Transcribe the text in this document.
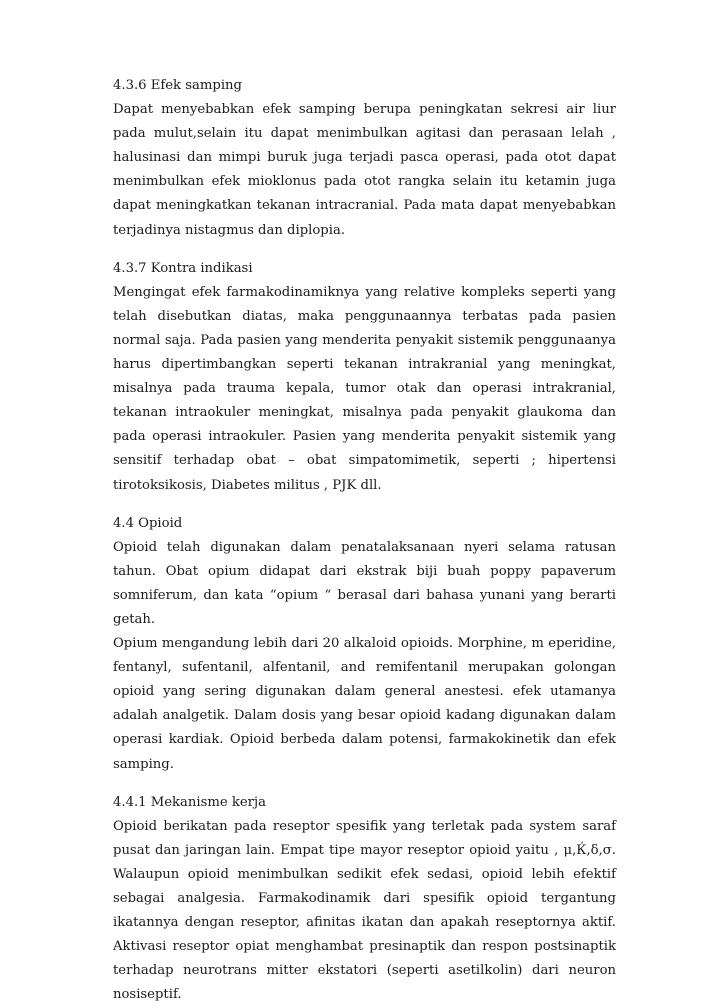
4.3.6 Efek samping

Dapat menyebabkan efek samping berupa peningkatan sekresi air liur pada mulut,selain itu dapat menimbulkan agitasi dan perasaan lelah , halusinasi dan mimpi buruk juga terjadi pasca operasi, pada otot dapat menimbulkan efek mioklonus pada otot rangka selain itu ketamin juga dapat meningkatkan tekanan intracranial. Pada mata dapat menyebabkan terjadinya nistagmus dan diplopia.

4.3.7 Kontra indikasi

Mengingat efek farmakodinamiknya yang relative kompleks seperti yang telah disebutkan diatas, maka penggunaannya terbatas pada pasien normal saja. Pada pasien yang menderita penyakit sistemik penggunaanya harus dipertimbangkan seperti tekanan intrakranial yang meningkat, misalnya pada trauma kepala, tumor otak dan operasi intrakranial, tekanan intraokuler meningkat, misalnya pada penyakit glaukoma dan pada operasi intraokuler. Pasien yang menderita penyakit sistemik yang sensitif terhadap obat – obat simpatomimetik, seperti ; hipertensi tirotoksikosis, Diabetes militus , PJK dll.

4.4 Opioid

Opioid telah digunakan dalam penatalaksanaan nyeri selama ratusan tahun. Obat opium didapat dari ekstrak biji buah poppy papaverum somniferum, dan kata “opium “ berasal dari bahasa yunani yang berarti getah.

Opium mengandung lebih dari 20 alkaloid opioids. Morphine, m eperidine, fentanyl, sufentanil, alfentanil, and remifentanil merupakan golongan opioid yang sering digunakan dalam general anestesi. efek utamanya adalah analgetik. Dalam dosis yang besar opioid kadang digunakan dalam operasi kardiak. Opioid berbeda dalam potensi, farmakokinetik dan efek samping.

4.4.1 Mekanisme kerja

Opioid berikatan pada reseptor spesifik yang terletak pada system saraf pusat dan jaringan lain. Empat tipe mayor reseptor opioid yaitu , μ,Ќ,δ,σ. Walaupun opioid menimbulkan sedikit efek sedasi, opioid lebih efektif sebagai analgesia. Farmakodinamik dari spesifik opioid tergantung ikatannya dengan reseptor, afinitas ikatan dan apakah reseptornya aktif. Aktivasi reseptor opiat menghambat presinaptik dan respon postsinaptik terhadap neurotrans mitter ekstatori (seperti asetilkolin) dari neuron nosiseptif.
